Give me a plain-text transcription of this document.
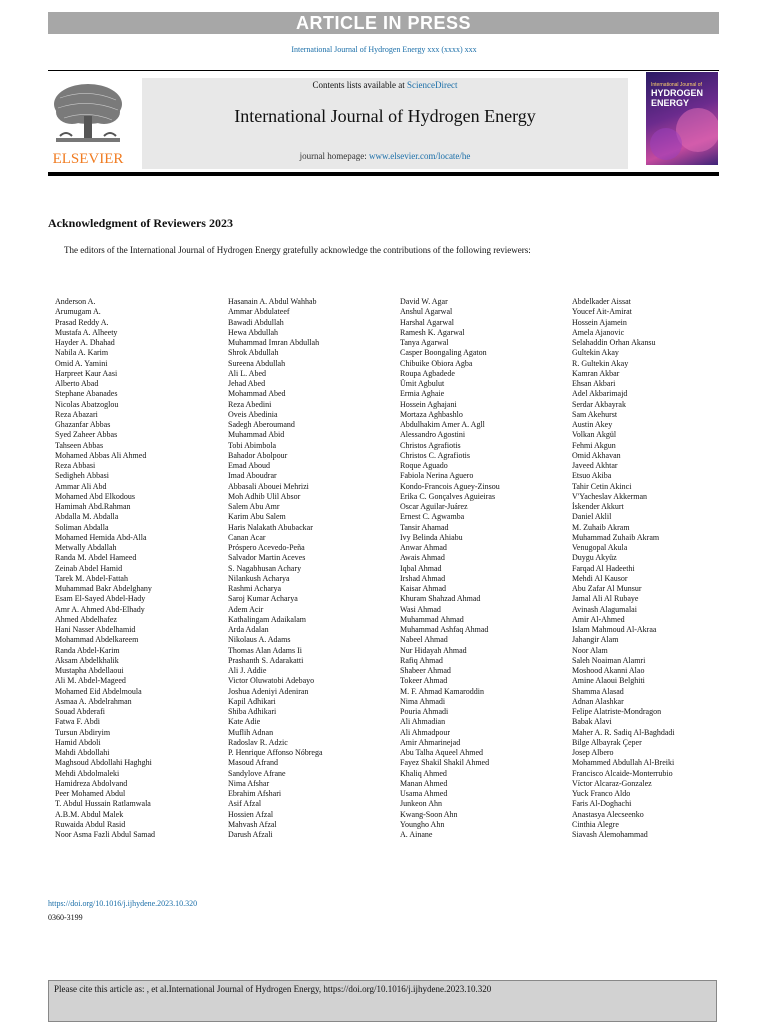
ARTICLE IN PRESS
International Journal of Hydrogen Energy xxx (xxxx) xxx
ELSEVIER
Contents lists available at ScienceDirect
International Journal of Hydrogen Energy
journal homepage: www.elsevier.com/locate/he
International Journal of
HYDROGEN
ENERGY
Acknowledgment of Reviewers 2023
The editors of the International Journal of Hydrogen Energy gratefully acknowledge the contributions of the following reviewers:
Anderson A.
Arumugam A.
Prasad Reddy A.
Mustafa A. Alheety
Hayder A. Dhahad
Nabila A. Karim
Omid A. Yamini
Harpreet Kaur Aasi
Alberto Abad
Stephane Abanades
Nicolas Abatzoglou
Reza Abazari
Ghazanfar Abbas
Syed Zaheer Abbas
Tahseen Abbas
Mohamed Abbas Ali Ahmed
Reza Abbasi
Sedigheh Abbasi
Ammar Ali Abd
Mohamed Abd Elkodous
Hamimah Abd.Rahman
Abdalla M. Abdalla
Soliman Abdalla
Mohamed Hemida Abd-Alla
Metwally Abdallah
Randa M. Abdel Hameed
Zeinab Abdel Hamid
Tarek M. Abdel-Fattah
Muhammad Bakr Abdelghany
Esam El-Sayed Abdel-Hady
Amr A. Ahmed Abd-Elhady
Ahmed Abdelhafez
Hani Nasser Abdelhamid
Mohammad Abdelkareem
Randa Abdel-Karim
Aksam Abdelkhalik
Mustapha Abdellaoui
Ali M. Abdel-Mageed
Mohamed Eid Abdelmoula
Asmaa A. Abdelrahman
Souad Abderafi
Fatwa F. Abdi
Tursun Abdiryim
Hamid Abdoli
Mahdi Abdollahi
Maghsoud Abdollahi Haghghi
Mehdi Abdolmaleki
Hamidreza Abdolvand
Peer Mohamed Abdul
T. Abdul Hussain Ratlamwala
A.B.M. Abdul Malek
Ruwaida Abdul Rasid
Noor Asma Fazli Abdul Samad
Hasanain A. Abdul Wahhab
Ammar Abdulateef
Bawadi Abdullah
Hewa Abdullah
Muhammad Imran Abdullah
Shrok Abdullah
Sureena Abdullah
Ali L. Abed
Jehad Abed
Mohammad Abed
Reza Abedini
Oveis Abedinia
Sadegh Aberoumand
Muhammad Abid
Tobi Abimbola
Bahador Abolpour
Emad Aboud
Imad Aboudrar
Abbasali Abouei Mehrizi
Moh Adhib Ulil Absor
Salem Abu Amr
Karim Abu Salem
Haris Nalakath Abubackar
Canan Acar
Próspero Acevedo-Peña
Salvador Martin Aceves
S. Nagabhusan Achary
Nilankush Acharya
Rashmi Acharya
Saroj Kumar Acharya
Adem Acir
Kathalingam Adaikalam
Arda Adalan
Nikolaus A. Adams
Thomas Alan Adams Ii
Prashanth S. Adarakatti
Ali J. Addie
Victor Oluwatobi Adebayo
Joshua Adeniyi Adeniran
Kapil Adhikari
Shiba Adhikari
Kate Adie
Muflih Adnan
Radoslav R. Adzic
P. Henrique Affonso Nóbrega
Masoud Afrand
Sandylove Afrane
Nima Afshar
Ebrahim Afshari
Asif Afzal
Hossien Afzal
Mahvash Afzal
Darush Afzali
David W. Agar
Anshul Agarwal
Harshal Agarwal
Ramesh K. Agarwal
Tanya Agarwal
Casper Boongaling Agaton
Chibuike Obiora Agba
Roupa Agbadede
Ümit Agbulut
Ermia Aghaie
Hossein Aghajani
Mortaza Aghbashlo
Abdulhakim Amer A. Agll
Alessandro Agostini
Christos Agrafiotis
Christos C. Agrafiotis
Roque Aguado
Fabiola Nerina Aguero
Kondo-Francois Aguey-Zinsou
Erika C. Gonçalves Aguieiras
Oscar Aguilar-Juárez
Ernest C. Agwamba
Tansir Ahamad
Ivy Belinda Ahiabu
Anwar Ahmad
Awais Ahmad
Iqbal Ahmad
Irshad Ahmad
Kaisar Ahmad
Khuram Shahzad Ahmad
Wasi Ahmad
Muhammad Ahmad
Muhammad Ashfaq Ahmad
Nabeel Ahmad
Nur Hidayah Ahmad
Rafiq Ahmad
Shabeer Ahmad
Tokeer Ahmad
M. F. Ahmad Kamaroddin
Nima Ahmadi
Pouria Ahmadi
Ali Ahmadian
Ali Ahmadpour
Amir Ahmarinejad
Abu Talha Aqueel Ahmed
Fayez Shakil Shakil Ahmed
Khaliq Ahmed
Manan Ahmed
Usama Ahmed
Junkeon Ahn
Kwang-Soon Ahn
Youngho Ahn
A. Ainane
Abdelkader Aissat
Youcef Ait-Amirat
Hossein Ajamein
Amela Ajanovic
Selahaddin Orhan Akansu
Gultekin Akay
R. Gultekin Akay
Kamran Akbar
Ehsan Akbari
Adel Akbarimajd
Serdar Akbayrak
Sam Akehurst
Austin Akey
Volkan Akgül
Fehmi Akgun
Omid Akhavan
Javeed Akhtar
Etsuo Akiba
Tahir Cetin Akinci
V'Yacheslav Akkerman
İskender Akkurt
Daniel Aklil
M. Zuhaib Akram
Muhammad Zuhaib Akram
Venugopal Akula
Duygu Akyüz
Farqad Al Hadeethi
Mehdi Al Kausor
Abu Zafar Al Munsur
Jamal Ali Al Rubaye
Avinash Alagumalai
Amir Al-Ahmed
Islam Mahmoud Al-Akraa
Jahangir Alam
Noor Alam
Saleh Noaiman Alamri
Moshood Akanni Alao
Amine Alaoui Belghiti
Shamma Alasad
Adnan Alashkar
Felipe Alatriste-Mondragon
Babak Alavi
Maher A. R. Sadiq Al-Baghdadi
Bilge Albayrak Çeper
Josep Albero
Mohammed Abdullah Al-Breiki
Francisco Alcaide-Monterrubio
Víctor Alcaraz-Gonzalez
Yuck Franco Aldo
Faris Al-Doghachi
Anastasya Alecseenko
Cinthia Alegre
Siavash Alemohammad
https://doi.org/10.1016/j.ijhydene.2023.10.320
0360-3199
Please cite this article as: , et al.International Journal of Hydrogen Energy, https://doi.org/10.1016/j.ijhydene.2023.10.320
